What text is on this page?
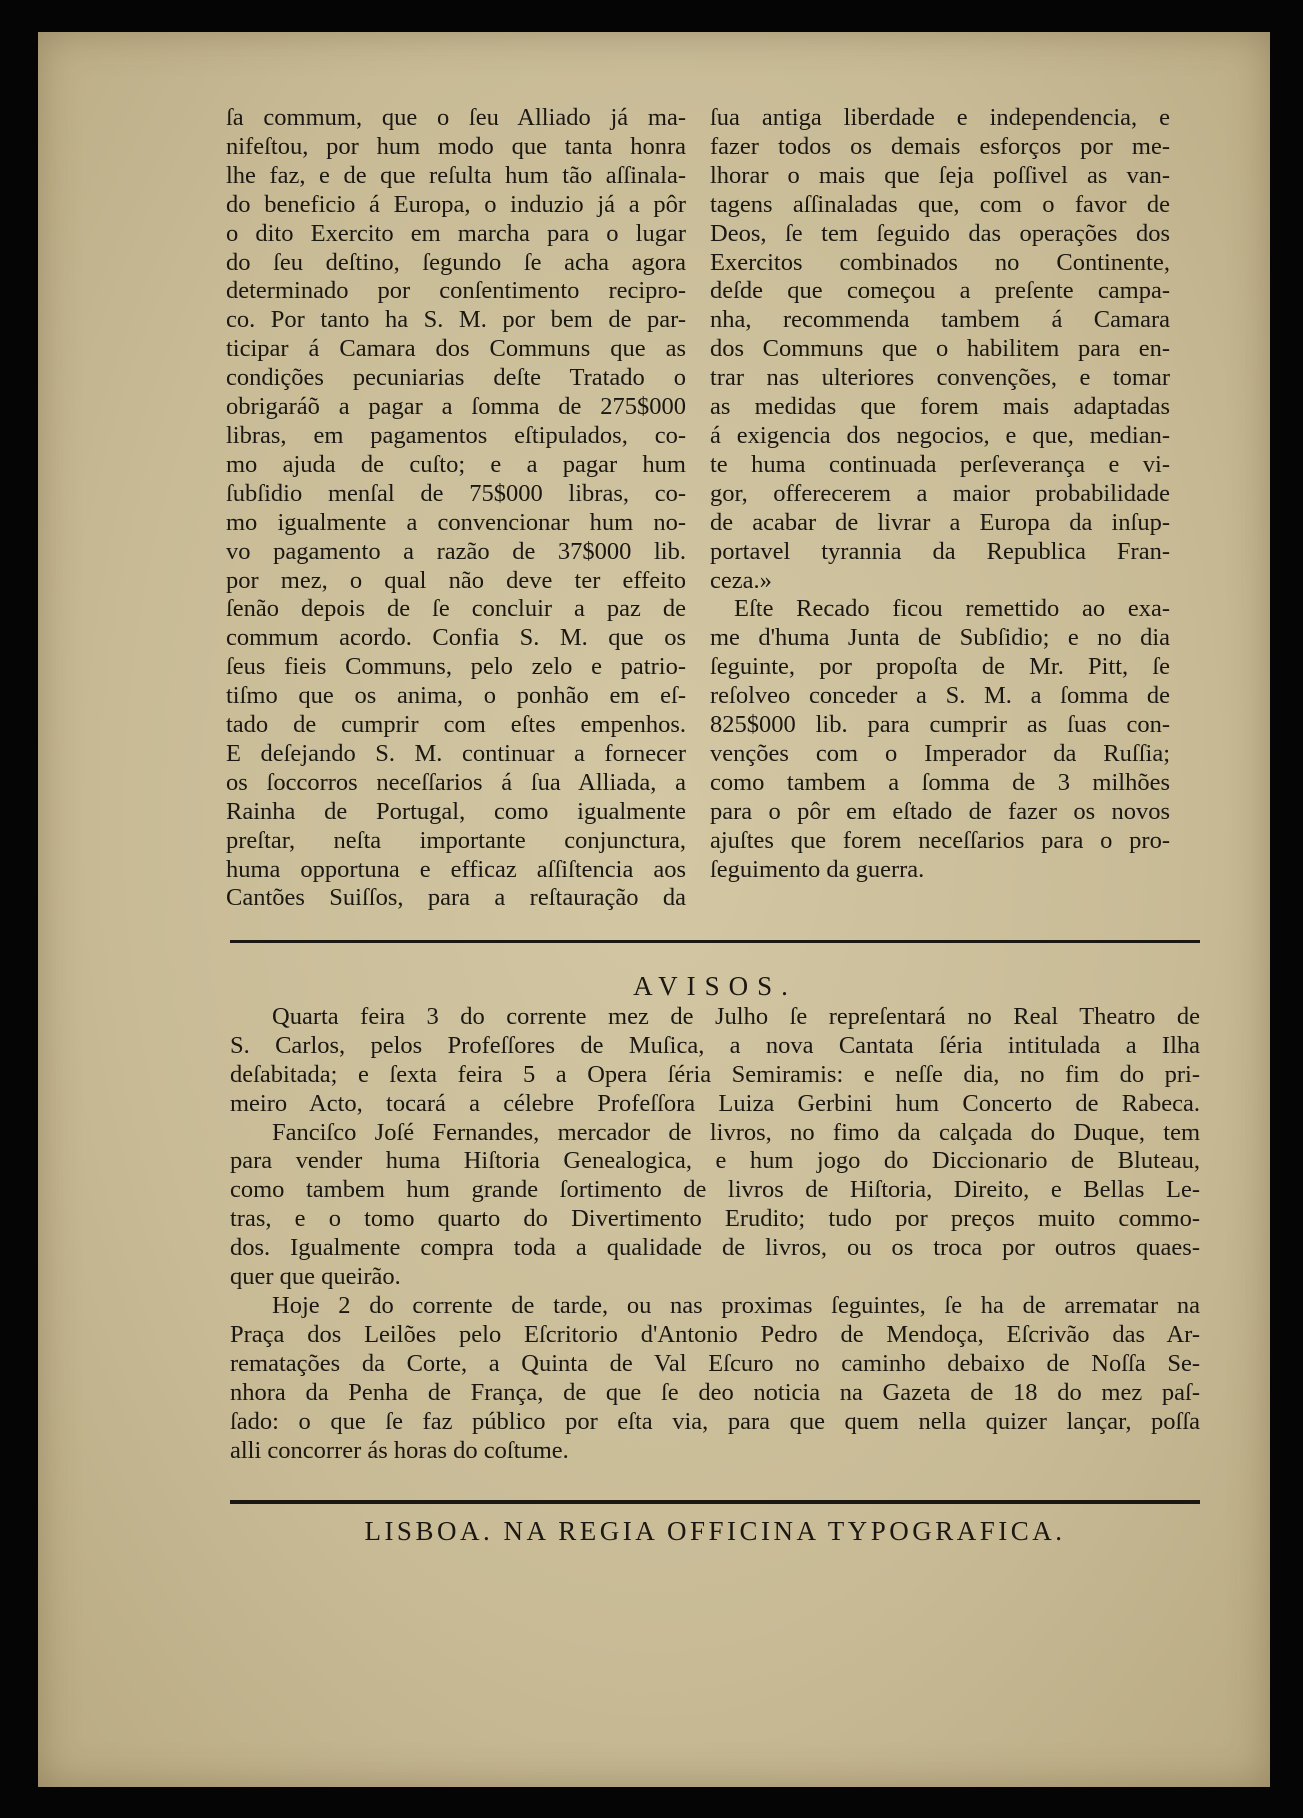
ſa commum, que o ſeu Alliado já ma-
nifeſtou, por hum modo que tanta honra
lhe faz, e de que reſulta hum tão aſſinala-
do beneficio á Europa, o induzio já a pôr
o dito Exercito em marcha para o lugar
do ſeu deſtino, ſegundo ſe acha agora
determinado por conſentimento recipro-
co. Por tanto ha S. M. por bem de par-
ticipar á Camara dos Communs que as
condições pecuniarias deſte Tratado o
obrigaráõ a pagar a ſomma de 275$000
libras, em pagamentos eſtipulados, co-
mo ajuda de cuſto; e a pagar hum
ſubſidio menſal de 75$000 libras, co-
mo igualmente a convencionar hum no-
vo pagamento a razão de 37$000 lib.
por mez, o qual não deve ter effeito
ſenão depois de ſe concluir a paz de
commum acordo. Confia S. M. que os
ſeus fieis Communs, pelo zelo e patrio-
tiſmo que os anima, o ponhão em eſ-
tado de cumprir com eſtes empenhos.
E deſejando S. M. continuar a fornecer
os ſoccorros neceſſarios á ſua Alliada, a
Rainha de Portugal, como igualmente
preſtar, neſta importante conjunctura,
huma opportuna e efficaz aſſiſtencia aos
Cantões Suiſſos, para a reſtauração da

ſua antiga liberdade e independencia, e
fazer todos os demais esforços por me-
lhorar o mais que ſeja poſſivel as van-
tagens aſſinaladas que, com o favor de
Deos, ſe tem ſeguido das operações dos
Exercitos combinados no Continente,
deſde que começou a preſente campa-
nha, recommenda tambem á Camara
dos Communs que o habilitem para en-
trar nas ulteriores convenções, e tomar
as medidas que forem mais adaptadas
á exigencia dos negocios, e que, median-
te huma continuada perſeverança e vi-
gor, offerecerem a maior probabilidade
de acabar de livrar a Europa da inſup-
portavel tyrannia da Republica Fran-
ceza.»
Eſte Recado ficou remettido ao exa-
me d'huma Junta de Subſidio; e no dia
ſeguinte, por propoſta de Mr. Pitt, ſe
reſolveo conceder a S. M. a ſomma de
825$000 lib. para cumprir as ſuas con-
venções com o Imperador da Ruſſia;
como tambem a ſomma de 3 milhões
para o pôr em eſtado de fazer os novos
ajuſtes que forem neceſſarios para o pro-
ſeguimento da guerra.

AVISOS.
Quarta feira 3 do corrente mez de Julho ſe repreſentará no Real Theatro de
S. Carlos, pelos Profeſſores de Muſica, a nova Cantata ſéria intitulada a Ilha
deſabitada; e ſexta feira 5 a Opera ſéria Semiramis: e neſſe dia, no fim do pri-
meiro Acto, tocará a célebre Profeſſora Luiza Gerbini hum Concerto de Rabeca.
Fanciſco Joſé Fernandes, mercador de livros, no fimo da calçada do Duque, tem
para vender huma Hiſtoria Genealogica, e hum jogo do Diccionario de Bluteau,
como tambem hum grande ſortimento de livros de Hiſtoria, Direito, e Bellas Le-
tras, e o tomo quarto do Divertimento Erudito; tudo por preços muito commo-
dos. Igualmente compra toda a qualidade de livros, ou os troca por outros quaes-
quer que queirão.
Hoje 2 do corrente de tarde, ou nas proximas ſeguintes, ſe ha de arrematar na
Praça dos Leilões pelo Eſcritorio d'Antonio Pedro de Mendoça, Eſcrivão das Ar-
rematações da Corte, a Quinta de Val Eſcuro no caminho debaixo de Noſſa Se-
nhora da Penha de França, de que ſe deo noticia na Gazeta de 18 do mez paſ-
ſado: o que ſe faz público por eſta via, para que quem nella quizer lançar, poſſa
alli concorrer ás horas do coſtume.
LISBOA. NA REGIA OFFICINA TYPOGRAFICA.
